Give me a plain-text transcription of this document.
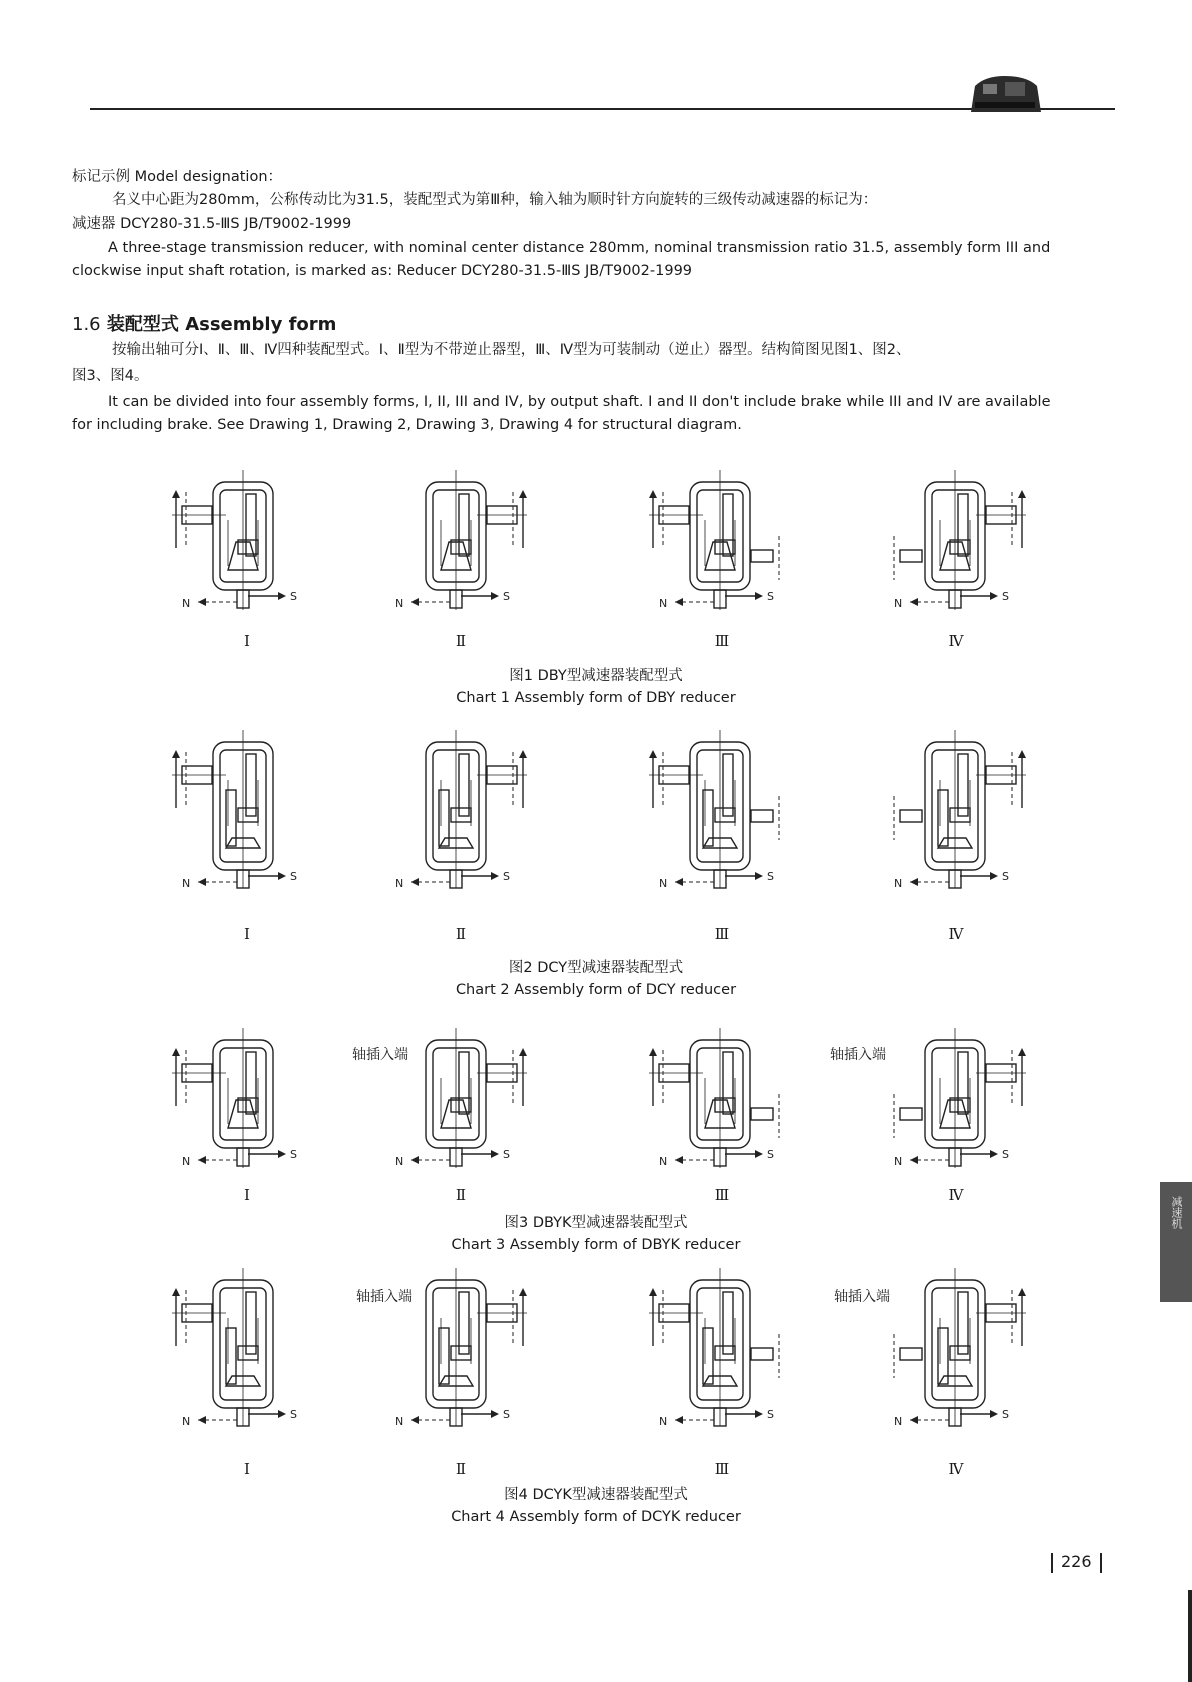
标记示例 Model designation：
名义中心距为280mm，公称传动比为31.5，装配型式为第Ⅲ种，输入轴为顺时针方向旋转的三级传动减速器的标记为：
减速器 DCY280-31.5-ⅢS JB/T9002-1999
A three-stage transmission reducer, with nominal center distance 280mm, nominal transmission ratio 31.5, assembly form III and
clockwise input shaft rotation, is marked as: Reducer DCY280-31.5-ⅢS JB/T9002-1999
1.6 装配型式 Assembly form
按输出轴可分Ⅰ、Ⅱ、Ⅲ、Ⅳ四种装配型式。Ⅰ、Ⅱ型为不带逆止器型，Ⅲ、Ⅳ型为可装制动（逆止）器型。结构简图见图1、图2、
图3、图4。
It can be divided into four assembly forms, I, II, III and IV, by output shaft. I and II don't include brake while III and IV are available
for including brake. See Drawing 1, Drawing 2, Drawing 3, Drawing 4 for structural diagram.
N
S
N
S
N
S
N
S
Ⅰ	Ⅱ	Ⅲ	Ⅳ
N
S
N
S
N
S
N
S
Ⅰ	Ⅱ	Ⅲ	Ⅳ
N
S
N
S
N
S
N
S
Ⅰ	Ⅱ	Ⅲ	Ⅳ
N
S
N
S
N
S
N
S
Ⅰ	Ⅱ	Ⅲ	Ⅳ
轴插入端	轴插入端
轴插入端	轴插入端
图1 DBY型减速器装配型式
Chart 1 Assembly form of DBY reducer
图2 DCY型减速器装配型式
Chart 2 Assembly form of DCY reducer
图3 DBYK型减速器装配型式
Chart 3 Assembly form of DBYK reducer
图4 DCYK型减速器装配型式
Chart 4 Assembly form of DCYK reducer
减速机
226
